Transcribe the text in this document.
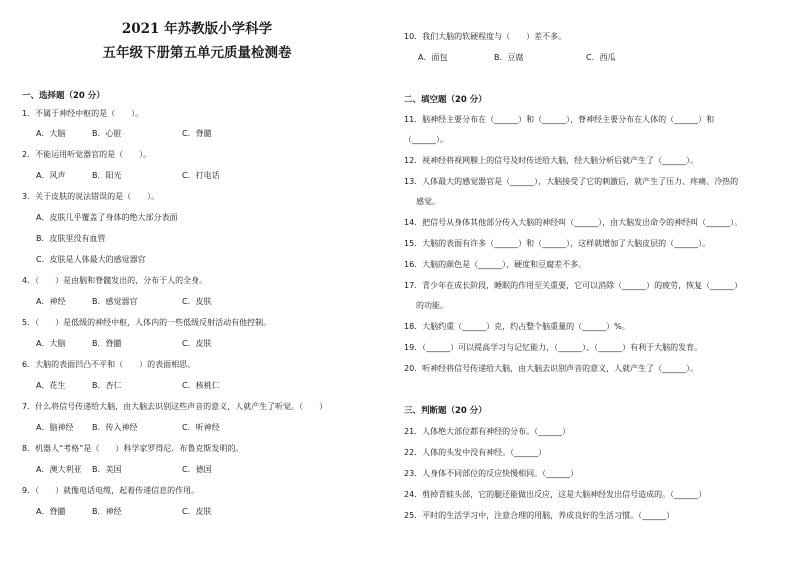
2021 年苏教版小学科学
五年级下册第五单元质量检测卷
一、选择题（20 分）
1．不属于神经中枢的是（　　）。
A．大脑	B．心脏	C．脊髓
2．不能运用听觉器官的是（　　）。
A．风声	B．阳光	C．打电话
3．关于皮肤的说法错误的是（　　）。
A．皮肤几乎覆盖了身体的绝大部分表面
B．皮肤里没有血管
C．皮肤是人体最大的感觉器官
4．（　　）是由脑和脊髓发出的，分布于人的全身。
A．神经	B．感觉器官	C．皮肤
5．（　　）是低级的神经中枢，人体内的一些低级反射活动有他控制。
A．大脑	B．脊髓	C．皮肤
6．大脑的表面凹凸不平和（　　）的表面相思。
A．花生	B．杏仁	C．核桃仁
7．什么将信号传递给大脑，由大脑去识别这些声音的意义，人就产生了听觉。（　　）
A．脑神经 B．传入神经	C．听神经
8．机器人“考格”是（　　）科学家罗得尼．布鲁克斯发明的。
A．澳大利亚 B．美国	C．德国
9．（　　）就像电话电缆，起着传递信息的作用。
A．脊髓	B．神经	C．皮肤
10．我们大脑的软硬程度与（　　）差不多。
A．面包	B．豆腐	C．西瓜
二、填空题（20 分）
11．脑神经主要分布在（______）和（______），脊神经主要分布在人体的（______）和
（______）。
12．视神经将视网膜上的信号及时传送给大脑，经大脑分析后就产生了（______）。
13．人体最大的感觉器官是（______），大脑接受了它的刺激后，就产生了压力、疼痛、冷热的
感觉。
14．把信号从身体其他部分传入大脑的神经叫（______），由大脑发出命令的神经叫（______）。
15．大脑的表面有许多（______）和（______），这样就增加了大脑皮层的（______）。
16．大脑的颜色是（______），硬度和豆腐差不多。
17．青少年在成长阶段，睡眠的作用至关重要，它可以消除（______）的疲劳，恢复（______）
的功能。
18．大脑约重（______）克，约占整个脑重量的（______）%。
19．（______）可以提高学习与记忆能力，（______）、（______）有利于大脑的发育。
20．听神经将信号传递给大脑，由大脑去识别声音的意义，人就产生了（______）。
三、判断题（20 分）
21．人体绝大部位都有神经的分布。（______）
22．人体的头发中没有神经。（______）
23．人身体不同部位的反应快慢相同。（______）
24．剪掉青蛙头部，它的腿还能做出反应，这是大脑神经发出信号造成的。（______）
25．平时的生活学习中，注意合理的用脑，养成良好的生活习惯。（______）
